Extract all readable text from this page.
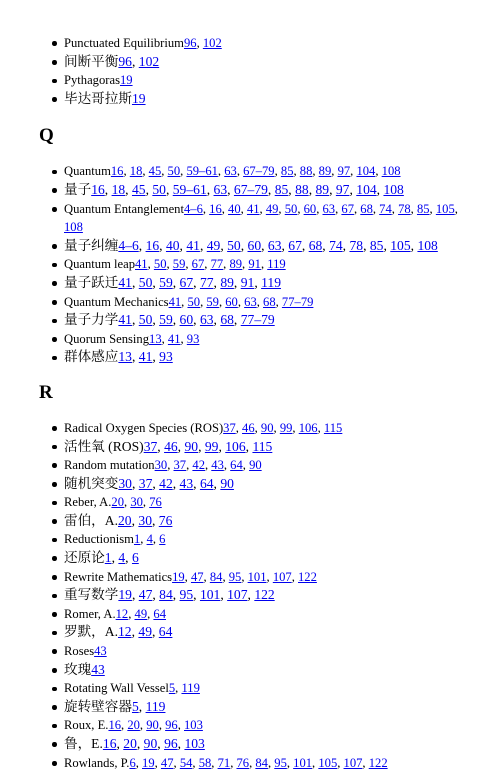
Punctuated Equilibrium96, 102
间断平衡96, 102
Pythagoras19
毕达哥拉斯19
Q
Quantum16, 18, 45, 50, 59–61, 63, 67–79, 85, 88, 89, 97, 104, 108
量子16, 18, 45, 50, 59–61, 63, 67–79, 85, 88, 89, 97, 104, 108
Quantum Entanglement4–6, 16, 40, 41, 49, 50, 60, 63, 67, 68, 74, 78, 85, 105, 108
量子纠缠4–6, 16, 40, 41, 49, 50, 60, 63, 67, 68, 74, 78, 85, 105, 108
Quantum leap41, 50, 59, 67, 77, 89, 91, 119
量子跃迁41, 50, 59, 67, 77, 89, 91, 119
Quantum Mechanics41, 50, 59, 60, 63, 68, 77–79
量子力学41, 50, 59, 60, 63, 68, 77–79
Quorum Sensing13, 41, 93
群体感应13, 41, 93
R
Radical Oxygen Species (ROS)37, 46, 90, 99, 106, 115
活性氧 (ROS)37, 46, 90, 99, 106, 115
Random mutation30, 37, 42, 43, 64, 90
随机突变30, 37, 42, 43, 64, 90
Reber, A.20, 30, 76
雷伯，A.20, 30, 76
Reductionism1, 4, 6
还原论1, 4, 6
Rewrite Mathematics19, 47, 84, 95, 101, 107, 122
重写数学19, 47, 84, 95, 101, 107, 122
Romer, A.12, 49, 64
罗默，A.12, 49, 64
Roses43
玫瑰43
Rotating Wall Vessel5, 119
旋转壁容器5, 119
Roux, E.16, 20, 90, 96, 103
鲁，E.16, 20, 90, 96, 103
Rowlands, P.6, 19, 47, 54, 58, 71, 76, 84, 95, 101, 105, 107, 122
